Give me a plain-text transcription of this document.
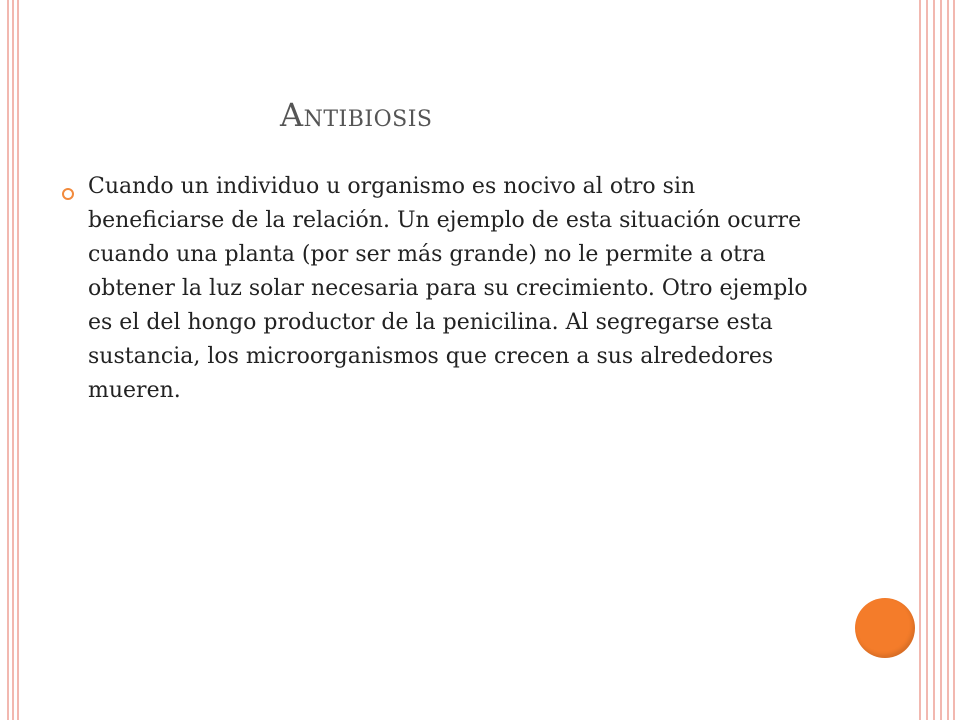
Antibiosis
Cuando un individuo u organismo es nocivo al otro sin beneficiarse de la relación. Un ejemplo de esta situación ocurre cuando una planta (por ser más grande) no le permite a otra obtener la luz solar necesaria para su crecimiento. Otro ejemplo es el del hongo productor de la penicilina. Al segregarse esta sustancia, los microorganismos que crecen a sus alrededores mueren.
